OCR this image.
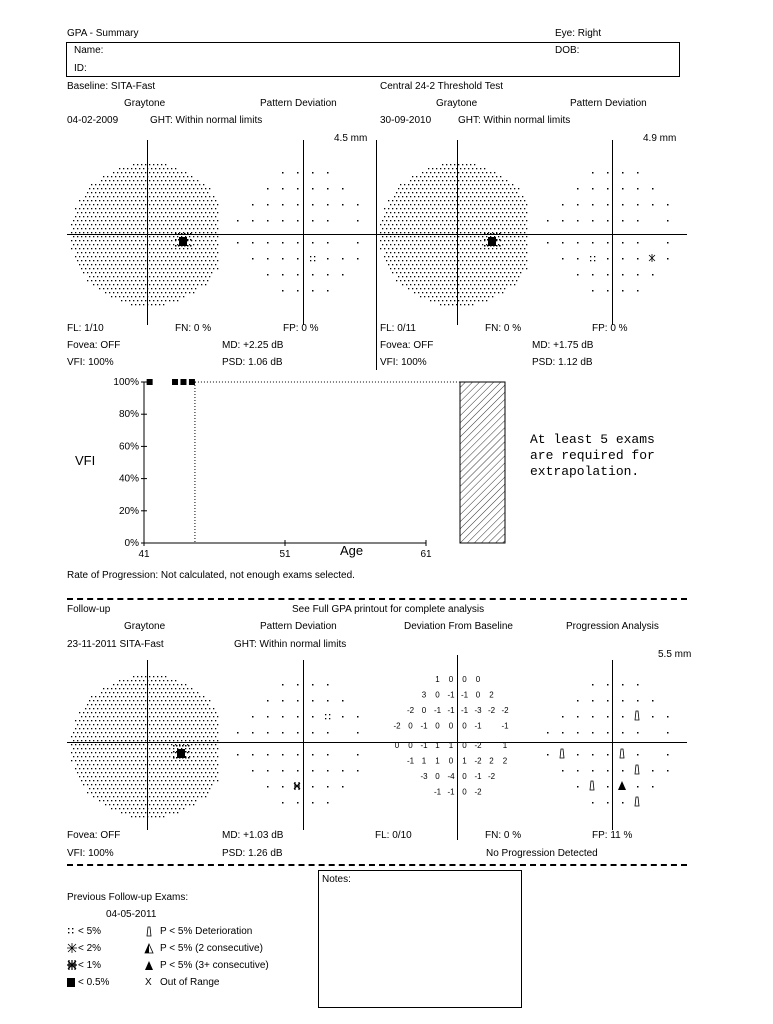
GPA - Summary	Eye: Right
Name:	DOB:
ID:
Baseline: SITA-Fast	Central 24-2 Threshold Test
Graytone	Pattern Deviation
04-02-2009	GHT: Within normal limits
4.5 mm
Graytone	Pattern Deviation
30-09-2010	GHT: Within normal limits
4.9 mm
FL: 1/10	FN: 0 %	FP: 0 %
Fovea: OFF	MD: +2.25 dB
VFI: 100%	PSD: 1.06 dB
FL: 0/11	FN: 0 %	FP: 0 %
Fovea: OFF	MD: +1.75 dB
VFI: 100%	PSD: 1.12 dB
100%
80%
60%
40%
20%
0%
41	51	61
VFI
Age
At least 5 exams
are required for
extrapolation.
Rate of Progression: Not calculated, not enough exams selected.
Follow-up	See Full GPA printout for complete analysis
Graytone	Pattern Deviation	Deviation From Baseline	Progression Analysis
23-11-2011 SITA-Fast	GHT: Within normal limits
5.5 mm
1 0 0 0
3 0 -1 -1 0 2
-2 0 -1 -1 -1 -3 -2 -2
-2 0 -1 0 0 0 -1 -1
0 0 -1 1 1 0 -2	1
-1 1 1 0 1 -2 2 2
-3 0 -4 0 -1 -2
-1 -1 0 -2
Fovea: OFF	MD: +1.03 dB	FL: 0/10	FN: 0 %	FP: 11 %
VFI: 100%	PSD: 1.26 dB	No Progression Detected
Previous Follow-up Exams:
04-05-2011
< 5%
< 2%
< 1%
< 0.5%
P < 5% Deterioration
P < 5% (2 consecutive)
P < 5% (3+ consecutive)
X Out of Range
Notes:
